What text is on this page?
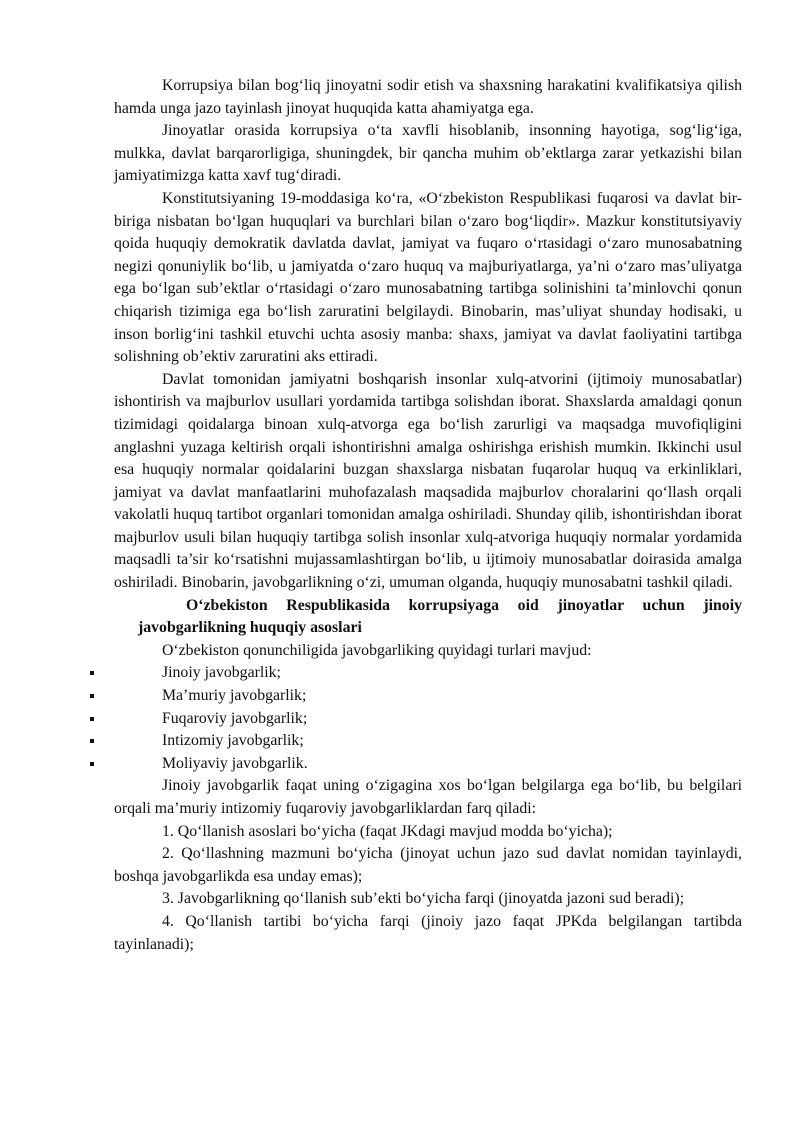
Korrupsiya bilan bog‘liq jinoyatni sodir etish va shaxsning harakatini kvalifikatsiya qilish hamda unga jazo tayinlash jinoyat huquqida katta ahamiyatga ega.

Jinoyatlar orasida korrupsiya o‘ta xavfli hisoblanib, insonning hayotiga, sog‘lig‘iga, mulkka, davlat barqarorligiga, shuningdek, bir qancha muhim ob’ektlarga zarar yetkazishi bilan jamiyatimizga katta xavf tug‘diradi.

Konstitutsiyaning 19-moddasiga ko‘ra, «O‘zbekiston Respublikasi fuqarosi va davlat bir-biriga nisbatan bo‘lgan huquqlari va burchlari bilan o‘zaro bog‘liqdir». Mazkur konstitutsiyaviy qoida huquqiy demokratik davlatda davlat, jamiyat va fuqaro o‘rtasidagi o‘zaro munosabatning negizi qonuniylik bo‘lib, u jamiyatda o‘zaro huquq va majburiyatlarga, ya’ni o‘zaro mas’uliyatga ega bo‘lgan sub’ektlar o‘rtasidagi o‘zaro munosabatning tartibga solinishini ta’minlovchi qonun chiqarish tizimiga ega bo‘lish zaruratini belgilaydi. Binobarin, mas’uliyat shunday hodisaki, u inson borlig‘ini tashkil etuvchi uchta asosiy manba: shaxs, jamiyat va davlat faoliyatini tartibga solishning ob’ektiv zaruratini aks ettiradi.

Davlat tomonidan jamiyatni boshqarish insonlar xulq-atvorini (ijtimoiy munosabatlar) ishontirish va majburlov usullari yordamida tartibga solishdan iborat. Shaxslarda amaldagi qonun tizimidagi qoidalarga binoan xulq-atvorga ega bo‘lish zarurligi va maqsadga muvofiqligini anglashni yuzaga keltirish orqali ishontirishni amalga oshirishga erishish mumkin. Ikkinchi usul esa huquqiy normalar qoidalarini buzgan shaxslarga nisbatan fuqarolar huquq va erkinliklari, jamiyat va davlat manfaatlarini muhofazalash maqsadida majburlov choralarini qo‘llash orqali vakolatli huquq tartibot organlari tomonidan amalga oshiriladi. Shunday qilib, ishontirishdan iborat majburlov usuli bilan huquqiy tartibga solish insonlar xulq-atvoriga huquqiy normalar yordamida maqsadli ta’sir ko‘rsatishni mujassamlashtirgan bo‘lib, u ijtimoiy munosabatlar doirasida amalga oshiriladi. Binobarin, javobgarlikning o‘zi, umuman olganda, huquqiy munosabatni tashkil qiladi.

O‘zbekiston Respublikasida korrupsiyaga oid jinoyatlar uchun jinoiy javobgarlikning huquqiy asoslari

O‘zbekiston qonunchiligida javobgarliking quyidagi turlari mavjud:

Jinoiy javobgarlik;
Ma’muriy javobgarlik;
Fuqaroviy javobgarlik;
Intizomiy javobgarlik;
Moliyaviy javobgarlik.

Jinoiy javobgarlik faqat uning o‘zigagina xos bo‘lgan belgilarga ega bo‘lib, bu belgilari orqali ma’muriy intizomiy fuqaroviy javobgarliklardan farq qiladi:

1. Qo‘llanish asoslari bo‘yicha (faqat JKdagi mavjud modda bo‘yicha);

2. Qo‘llashning mazmuni bo‘yicha (jinoyat uchun jazo sud davlat nomidan tayinlaydi, boshqa javobgarlikda esa unday emas);

3. Javobgarlikning qo‘llanish sub’ekti bo‘yicha farqi (jinoyatda jazoni sud beradi);

4. Qo‘llanish tartibi bo‘yicha farqi (jinoiy jazo faqat JPKda belgilangan tartibda tayinlanadi);
